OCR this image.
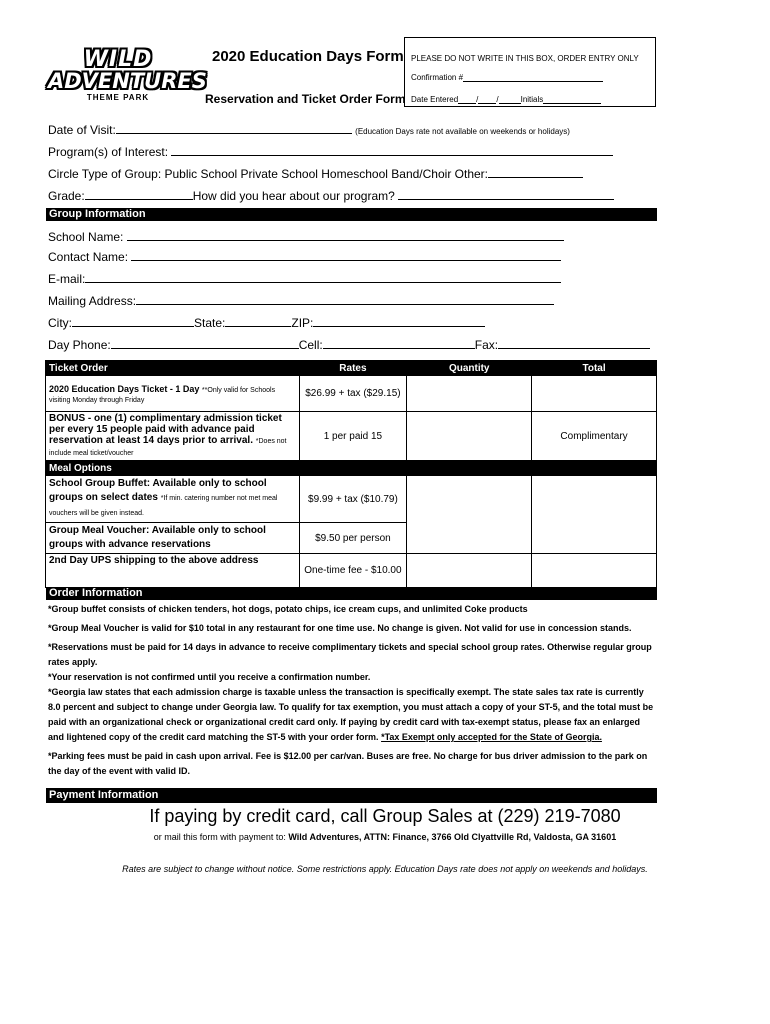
WILD
ADVENTURES
THEME PARK
2020 Education Days Form
Reservation and Ticket Order Form
PLEASE DO NOT WRITE IN THIS BOX, ORDER ENTRY ONLY
Confirmation #
Date Entered / /	Initials
Date of Visit:	(Education Days rate not available on weekends or holidays)
Program(s) of Interest:
Circle Type of Group: Public School Private School Homeschool Band/Choir Other:
Grade:	How did you hear about our program?
Group Information
School Name:
Contact Name:
E-mail:
Mailing Address:
City:	State:	ZIP:
Day Phone:	Cell:	Fax:
Ticket Order	Rates	Quantity	Total
2020 Education Days Ticket - 1 Day **Only valid for Schools visiting Monday through Friday	$26.99 + tax ($29.15)		
BONUS - one (1) complimentary admission ticket per every 15 people paid with advance paid reservation at least 14 days prior to arrival. *Does not include meal ticket/voucher	1 per paid 15		Complimentary
Meal Options			
School Group Buffet: Available only to school groups on select dates *If min. catering number not met meal vouchers will be given instead.	$9.99 + tax ($10.79)		
Group Meal Voucher: Available only to school groups with advance reservations	$9.50 per person		
2nd Day UPS shipping to the above address	One-time fee - $10.00		
Order Information
*Group buffet consists of chicken tenders, hot dogs, potato chips, ice cream cups, and unlimited Coke products
*Group Meal Voucher is valid for $10 total in any restaurant for one time use. No change is given. Not valid for use in concession stands.
*Reservations must be paid for 14 days in advance to receive complimentary tickets and special school group rates. Otherwise regular group rates apply.
*Your reservation is not confirmed until you receive a confirmation number.
*Georgia law states that each admission charge is taxable unless the transaction is specifically exempt. The state sales tax rate is currently 8.0 percent and subject to change under Georgia law. To qualify for tax exemption, you must attach a copy of your ST-5, and the total must be paid with an organizational check or organizational credit card only. If paying by credit card with tax-exempt status, please fax an enlarged and lightened copy of the credit card matching the ST-5 with your order form. *Tax Exempt only accepted for the State of Georgia.
*Parking fees must be paid in cash upon arrival. Fee is $12.00 per car/van. Buses are free. No charge for bus driver admission to the park on the day of the event with valid ID.
Payment Information
If paying by credit card, call Group Sales at (229) 219-7080
or mail this form with payment to: Wild Adventures, ATTN: Finance, 3766 Old Clyattville Rd, Valdosta, GA 31601
Rates are subject to change without notice. Some restrictions apply. Education Days rate does not apply on weekends and holidays.
